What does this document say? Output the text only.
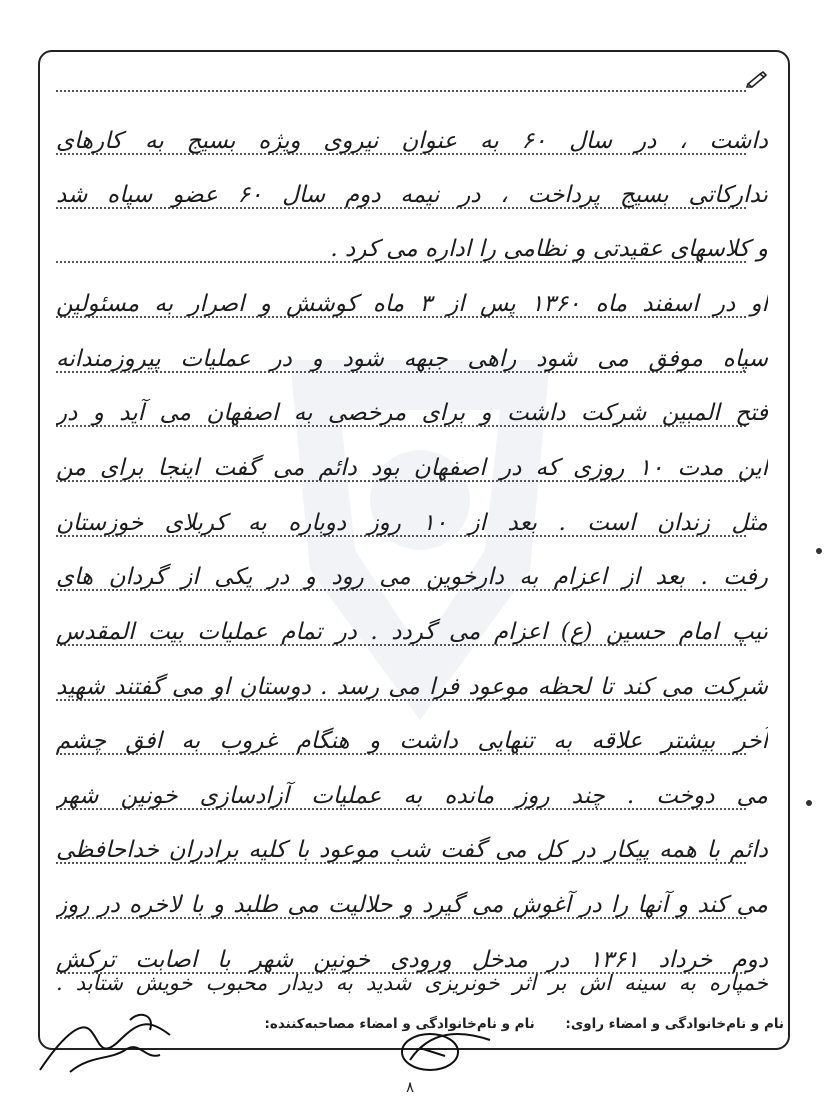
داشت ، در سال ۶۰ به عنوان نیروی ویژه بسیج به کارهای
تدارکاتی بسیج پرداخت ، در نیمه دوم سال ۶۰ عضو سپاه شد
و کلاسهای عقیدتی و نظامی را اداره می کرد .
او در اسفند ماه ۱۳۶۰ پس از ۳ ماه کوشش و اصرار به مسئولین
سپاه موفق می شود راهی جبهه شود و در عملیات پیروزمندانه
فتح المبین شرکت داشت و برای مرخصی به اصفهان می آید و در
این مدت ۱۰ روزی که در اصفهان بود دائم می گفت اینجا برای من
مثل زندان است . بعد از ۱۰ روز دوباره به کربلای خوزستان
رفت . بعد از اعزام به دارخوین می رود و در یکی از گردان های
تیپ امام حسین (ع) اعزام می گردد . در تمام عملیات بیت المقدس
شرکت می کند تا لحظه موعود فرا می رسد . دوستان او می گفتند شهید
آخر بیشتر علاقه به تنهایی داشت و هنگام غروب به افق چشم
می دوخت . چند روز مانده به عملیات آزادسازی خونین شهر
دائم با همه پیکار در کل می گفت شب موعود با کلیه برادران خداحافظی
می کند و آنها را در آغوش می گیرد و حلالیت می طلبد و با لاخره در روز
دوم خرداد ۱۳۶۱ در مدخل ورودی خونین شهر با اصابت ترکش
خمپاره به سینه اش بر اثر خونریزی شدید به دیدار محبوب خویش شتابد .
نام و نام‌خانوادگی و امضاء راوی: نام و نام‌خانوادگی و امضاء مصاحبه‌کننده:
۸
